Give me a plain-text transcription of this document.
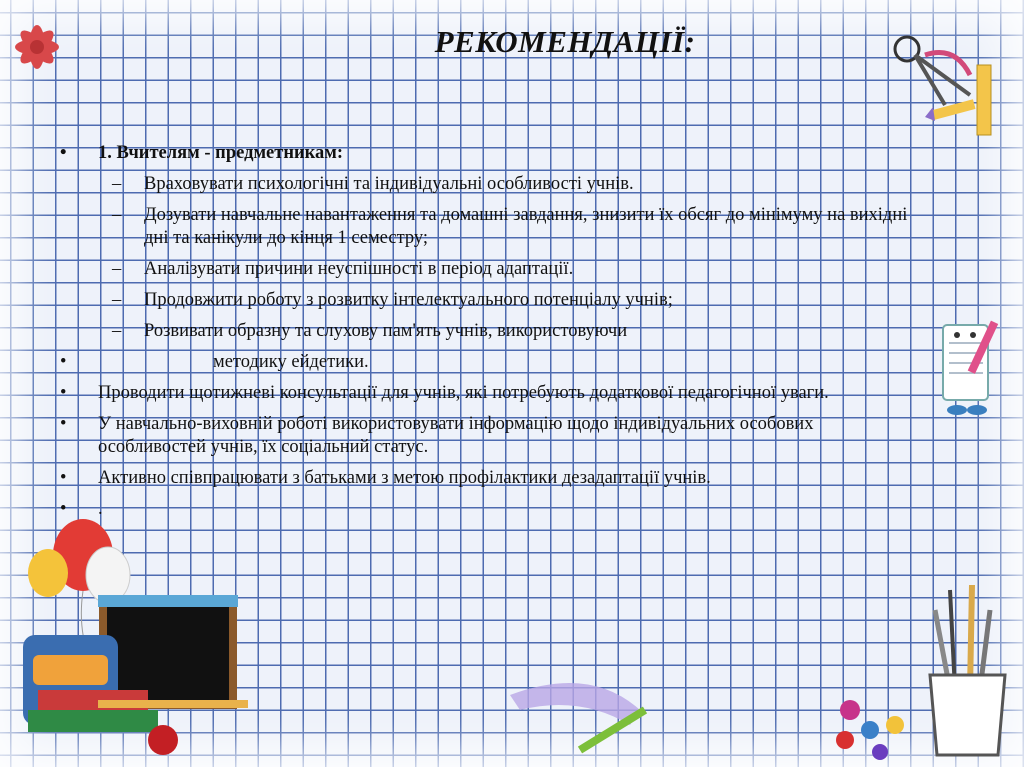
РЕКОМЕНДАЦІЇ:
• 1. Вчителям - предметникам:
– Враховувати психологічні та індивідуальні особливості учнів.
– Дозувати навчальне навантаження та домашні завдання, знизити їх обсяг до мінімуму на вихідні дні та канікули до кінця 1 семестру;
– Аналізувати причини неуспішності в період адаптації.
– Продовжити роботу з розвитку інтелектуального потенціалу учнів;
– Розвивати образну та слухову пам'ять учнів, використовуючи
•	методику ейдетики.
• Проводити щотижневі консультації для учнів, які потребують додаткової педагогічної уваги.
• У навчально-виховній роботі використовувати інформацію щодо індивідуальних особових особливостей учнів, їх соціальний статус.
• Активно співпрацювати з батьками з метою профілактики дезадаптації учнів.
• .
